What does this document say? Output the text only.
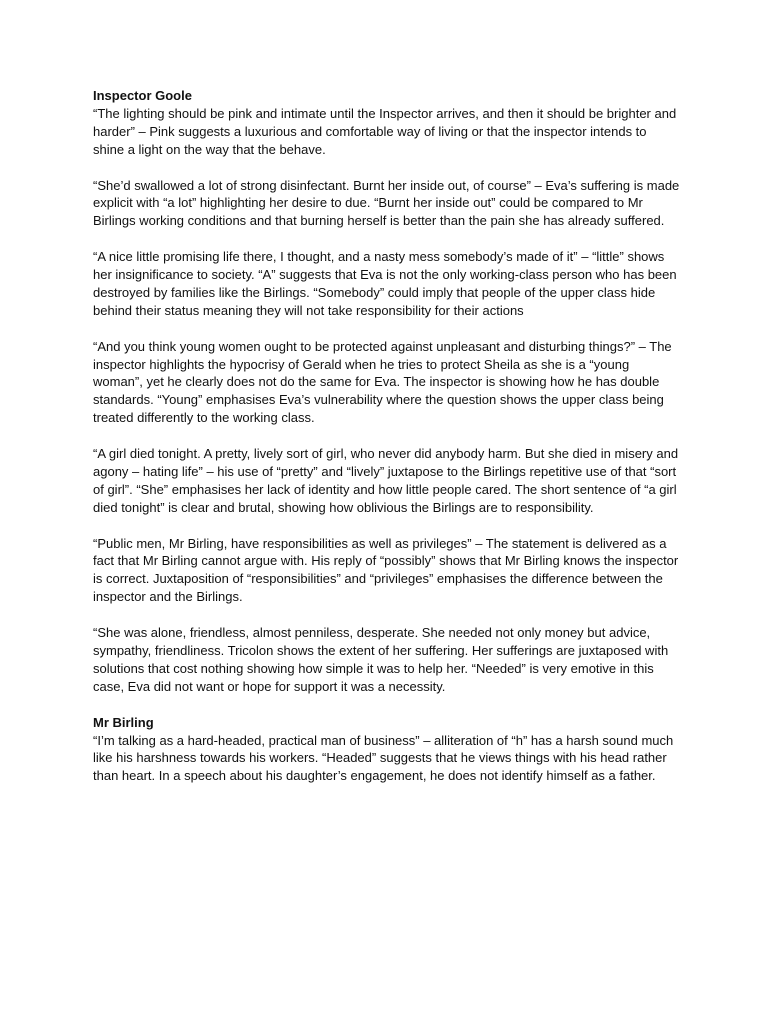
Inspector Goole

“The lighting should be pink and intimate until the Inspector arrives, and then it should be brighter and harder” – Pink suggests a luxurious and comfortable way of living or that the inspector intends to shine a light on the way that the behave.

“She’d swallowed a lot of strong disinfectant. Burnt her inside out, of course” – Eva’s suffering is made explicit with “a lot” highlighting her desire to due. “Burnt her inside out” could be compared to Mr Birlings working conditions and that burning herself is better than the pain she has already suffered.

“A nice little promising life there, I thought, and a nasty mess somebody’s made of it” – “little” shows her insignificance to society. “A” suggests that Eva is not the only working-class person who has been destroyed by families like the Birlings. “Somebody” could imply that people of the upper class hide behind their status meaning they will not take responsibility for their actions

“And you think young women ought to be protected against unpleasant and disturbing things?” – The inspector highlights the hypocrisy of Gerald when he tries to protect Sheila as she is a “young woman”, yet he clearly does not do the same for Eva. The inspector is showing how he has double standards. “Young” emphasises Eva’s vulnerability where the question shows the upper class being treated differently to the working class.

“A girl died tonight. A pretty, lively sort of girl, who never did anybody harm. But she died in misery and agony – hating life” – his use of “pretty” and “lively” juxtapose to the Birlings repetitive use of that “sort of girl”. “She” emphasises her lack of identity and how little people cared. The short sentence of “a girl died tonight” is clear and brutal, showing how oblivious the Birlings are to responsibility.

“Public men, Mr Birling, have responsibilities as well as privileges” – The statement is delivered as a fact that Mr Birling cannot argue with. His reply of “possibly” shows that Mr Birling knows the inspector is correct. Juxtaposition of “responsibilities” and “privileges” emphasises the difference between the inspector and the Birlings.

“She was alone, friendless, almost penniless, desperate. She needed not only money but advice, sympathy, friendliness. Tricolon shows the extent of her suffering. Her sufferings are juxtaposed with solutions that cost nothing showing how simple it was to help her. “Needed” is very emotive in this case, Eva did not want or hope for support it was a necessity.

Mr Birling

“I’m talking as a hard-headed, practical man of business” – alliteration of “h” has a harsh sound much like his harshness towards his workers. “Headed” suggests that he views things with his head rather than heart. In a speech about his daughter’s engagement, he does not identify himself as a father.
